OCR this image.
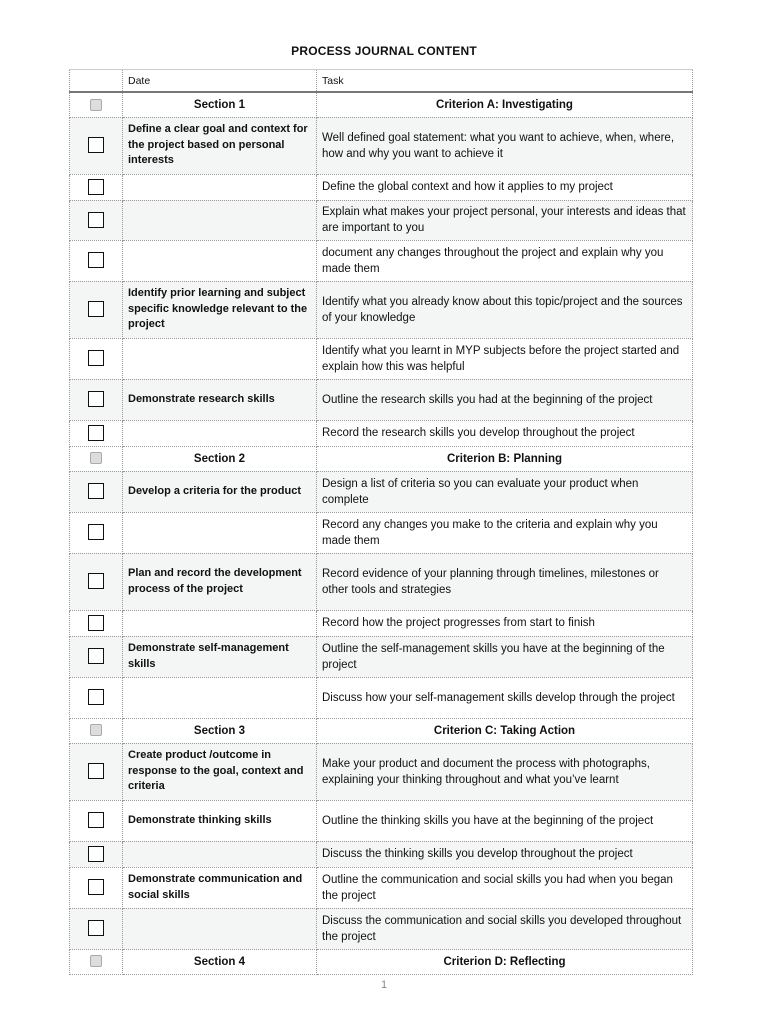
PROCESS JOURNAL CONTENT
	Date	Task
	Section 1	Criterion A: Investigating
	Define a clear goal and context for the project based on personal interests	Well defined goal statement: what you want to achieve, when, where, how and why you want to achieve it
		Define the global context and how it applies to my project
		Explain what makes your project personal, your interests and ideas that are important to you
		document any changes throughout the project and explain why you made them
	Identify prior learning and subject specific knowledge relevant to the project	Identify what you already know about this topic/project and the sources of your knowledge
		Identify what you learnt in MYP subjects before the project started and explain how this was helpful
	Demonstrate research skills	Outline the research skills you had at the beginning of the project
		Record the research skills you develop throughout the project
	Section 2	Criterion B: Planning
	Develop a criteria for the product	Design a list of criteria so you can evaluate your product when complete
		Record any changes you make to the criteria and explain why you made them
	Plan and record the development process of the project	Record evidence of your planning through timelines, milestones or other tools and strategies
		Record how the project progresses from start to finish
	Demonstrate self-management skills	Outline the self-management skills you have at the beginning of the project
		Discuss how your self-management skills develop through the project
	Section 3	Criterion C: Taking Action
	Create product /outcome in response to the goal, context and criteria	Make your product and document the process with photographs, explaining your thinking throughout and what you’ve learnt
	Demonstrate thinking skills	Outline the thinking skills you have at the beginning of the project
		Discuss the thinking skills you develop throughout the project
	Demonstrate communication and social skills	Outline the communication and social skills you had when you began the project
		Discuss the communication and social skills you developed throughout the project
	Section 4	Criterion D: Reflecting
1
